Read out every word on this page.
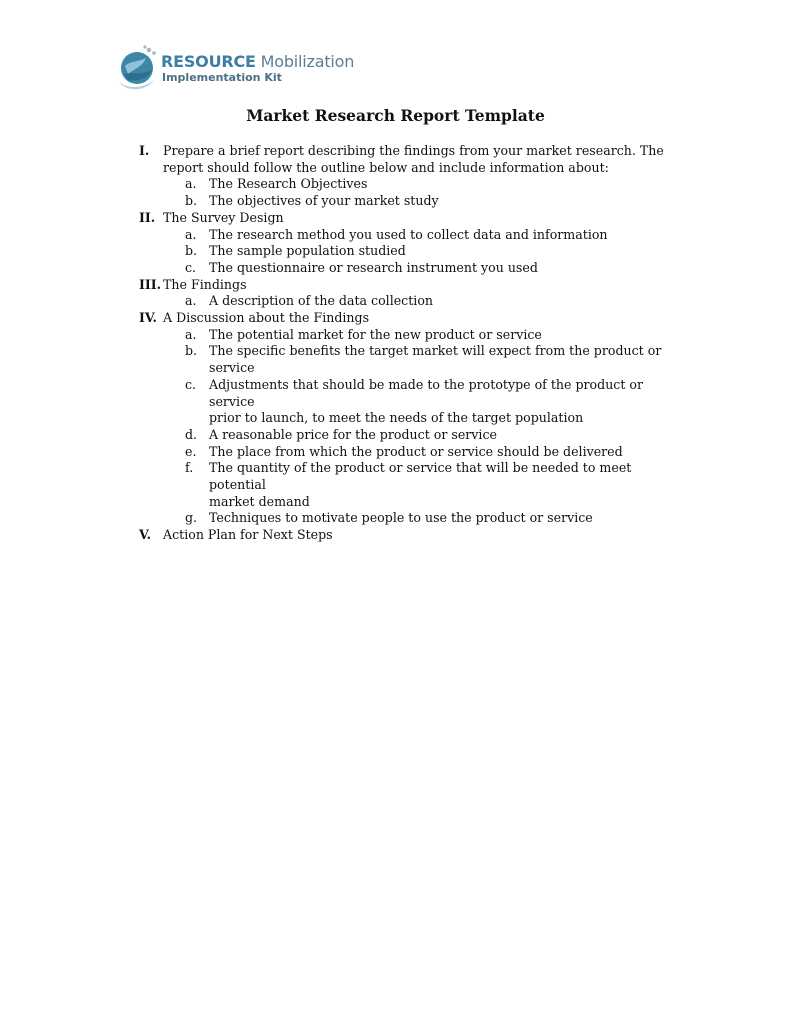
RESOURCE Mobilization
Implementation Kit
Market Research Report Template
I. Prepare a brief report describing the findings from your market research. The
report should follow the outline below and include information about:
a. The Research Objectives
b. The objectives of your market study
II. The Survey Design
a. The research method you used to collect data and information
b. The sample population studied
c. The questionnaire or research instrument you used
III. The Findings
a. A description of the data collection
IV. A Discussion about the Findings
a. The potential market for the new product or service
b. The specific benefits the target market will expect from the product or
service
c. Adjustments that should be made to the prototype of the product or service
prior to launch, to meet the needs of the target population
d. A reasonable price for the product or service
e. The place from which the product or service should be delivered
f. The quantity of the product or service that will be needed to meet potential
market demand
g. Techniques to motivate people to use the product or service
V. Action Plan for Next Steps
